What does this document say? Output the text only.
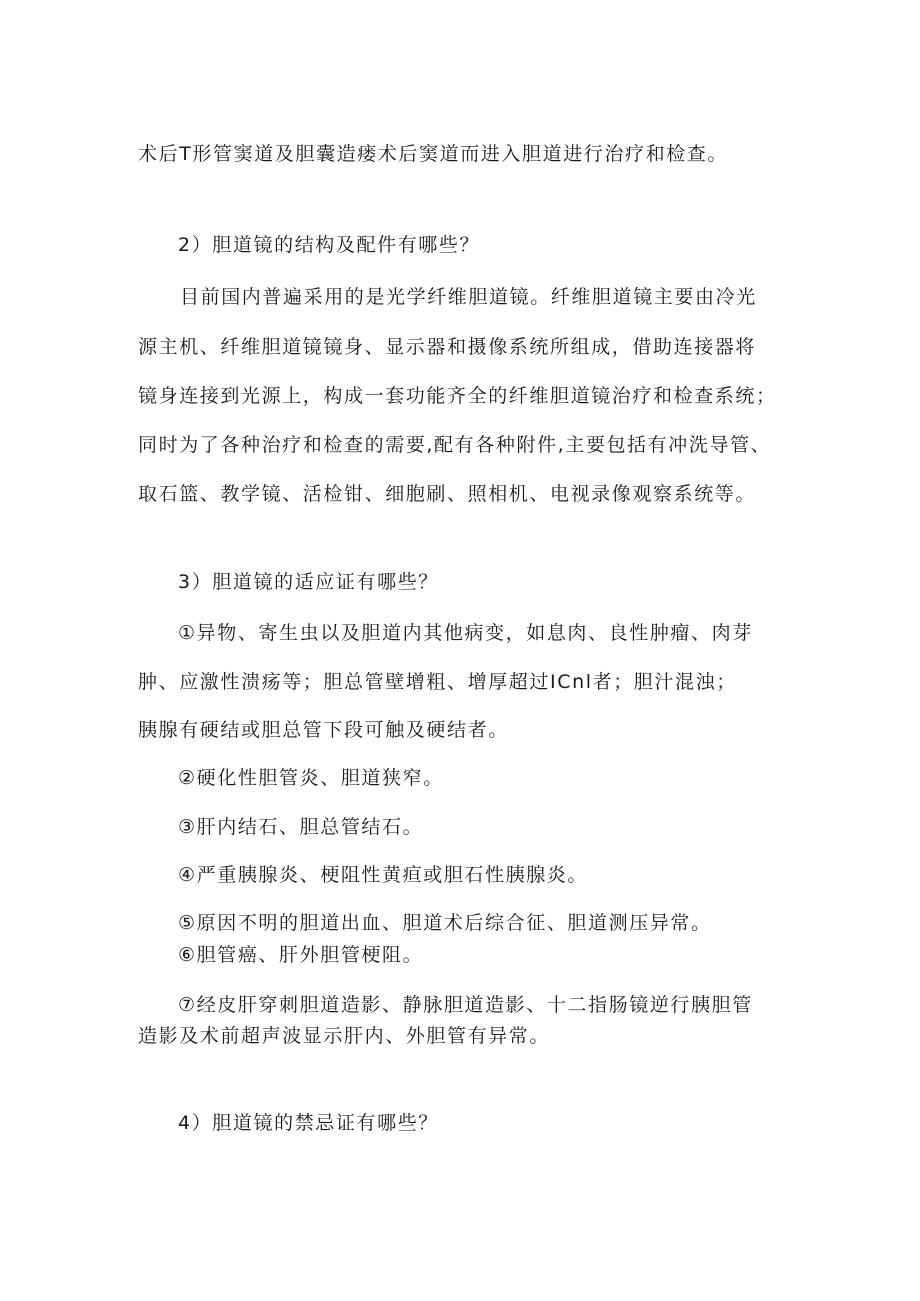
术后T形管窦道及胆囊造瘘术后窦道而进入胆道进行治疗和检查。
2）胆道镜的结构及配件有哪些？
目前国内普遍采用的是光学纤维胆道镜。纤维胆道镜主要由冷光
源主机、纤维胆道镜镜身、显示器和摄像系统所组成，借助连接器将
镜身连接到光源上，构成一套功能齐全的纤维胆道镜治疗和检查系统；
同时为了各种治疗和检查的需要,配有各种附件,主要包括有冲洗导管、
取石篮、教学镜、活检钳、细胞刷、照相机、电视录像观察系统等。
3）胆道镜的适应证有哪些？
①异物、寄生虫以及胆道内其他病变，如息肉、良性肿瘤、肉芽
肿、应激性溃疡等；胆总管壁增粗、增厚超过ICnl者；胆汁混浊；
胰腺有硬结或胆总管下段可触及硬结者。
②硬化性胆管炎、胆道狭窄。
③肝内结石、胆总管结石。
④严重胰腺炎、梗阻性黄疸或胆石性胰腺炎。
⑤原因不明的胆道出血、胆道术后综合征、胆道测压异常。
⑥胆管癌、肝外胆管梗阻。
⑦经皮肝穿刺胆道造影、静脉胆道造影、十二指肠镜逆行胰胆管
造影及术前超声波显示肝内、外胆管有异常。
4）胆道镜的禁忌证有哪些？
